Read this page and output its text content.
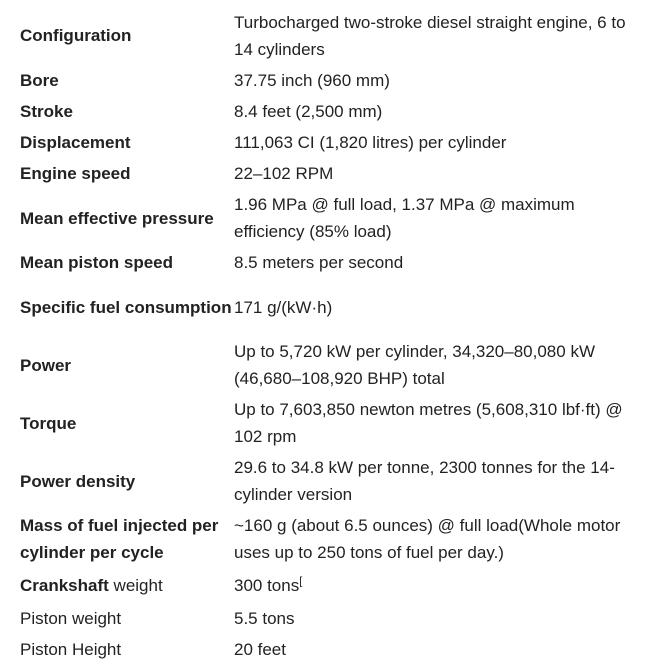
Configuration	Turbocharged two-stroke diesel straight engine, 6 to 14 cylinders
Bore	37.75 inch (960 mm)
Stroke	8.4 feet (2,500 mm)
Displacement	111,063 CI (1,820 litres) per cylinder
Engine speed	22–102 RPM
Mean effective pressure	1.96 MPa @ full load, 1.37 MPa @ maximum efficiency (85% load)
Mean piston speed	8.5 meters per second
Specific fuel consumption	171 g/(kW·h)
Power	Up to 5,720 kW per cylinder, 34,320–80,080 kW (46,680–108,920 BHP) total
Torque	Up to 7,603,850 newton metres (5,608,310 lbf·ft) @ 102 rpm
Power density	29.6 to 34.8 kW per tonne, 2300 tonnes for the 14-cylinder version
Mass of fuel injected per cylinder per cycle	~160 g (about 6.5 ounces) @ full load(Whole motor uses up to 250 tons of fuel per day.)
Crankshaft weight	300 tons[
Piston weight	5.5 tons
Piston Height	20 feet
